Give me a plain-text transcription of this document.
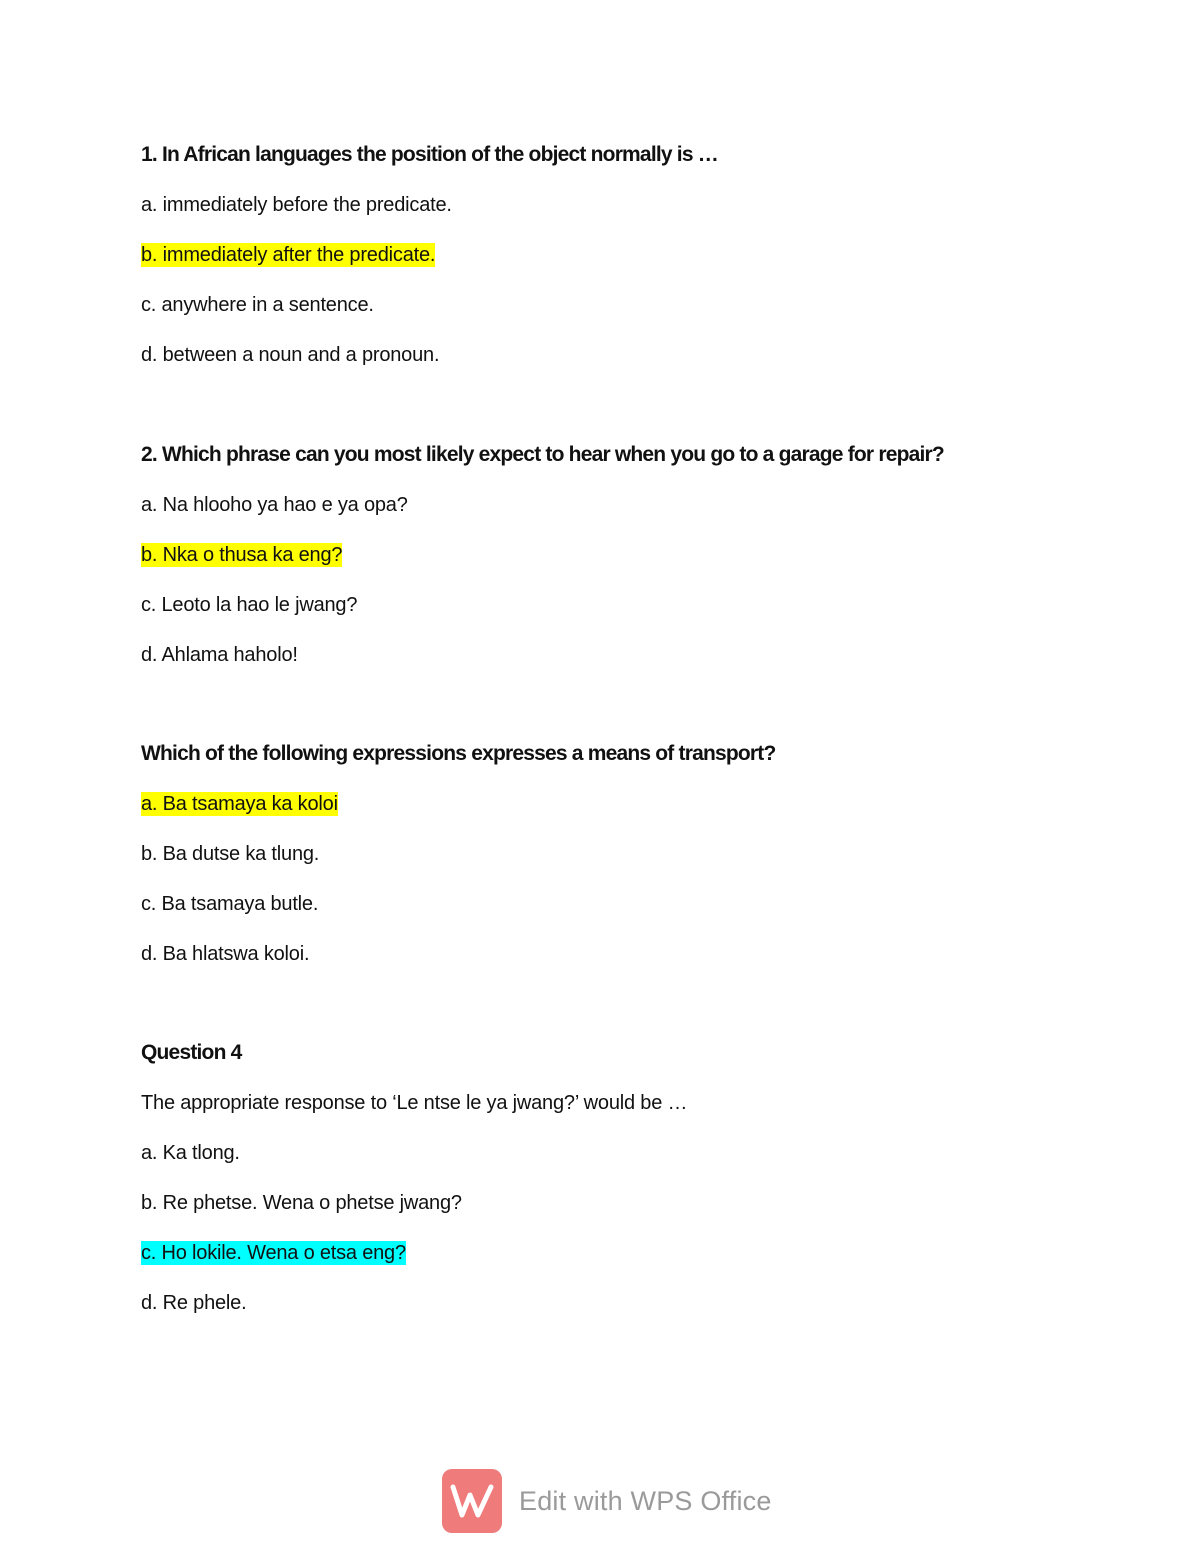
1. In African languages the position of the object normally is …
a. immediately before the predicate.
b. immediately after the predicate.
c. anywhere in a sentence.
d. between a noun and a pronoun.
2. Which phrase can you most likely expect to hear when you go to a garage for repair?
a. Na hlooho ya hao e ya opa?
b. Nka o thusa ka eng?
c. Leoto la hao le jwang?
d. Ahlama haholo!
Which of the following expressions expresses a means of transport?
a. Ba tsamaya ka koloi
b. Ba dutse ka tlung.
c. Ba tsamaya butle.
d. Ba hlatswa koloi.
Question 4
The appropriate response to ‘Le ntse le ya jwang?’ would be …
a. Ka tlong.
b. Re phetse. Wena o phetse jwang?
c. Ho lokile. Wena o etsa eng?
d. Re phele.
Edit with WPS Office
